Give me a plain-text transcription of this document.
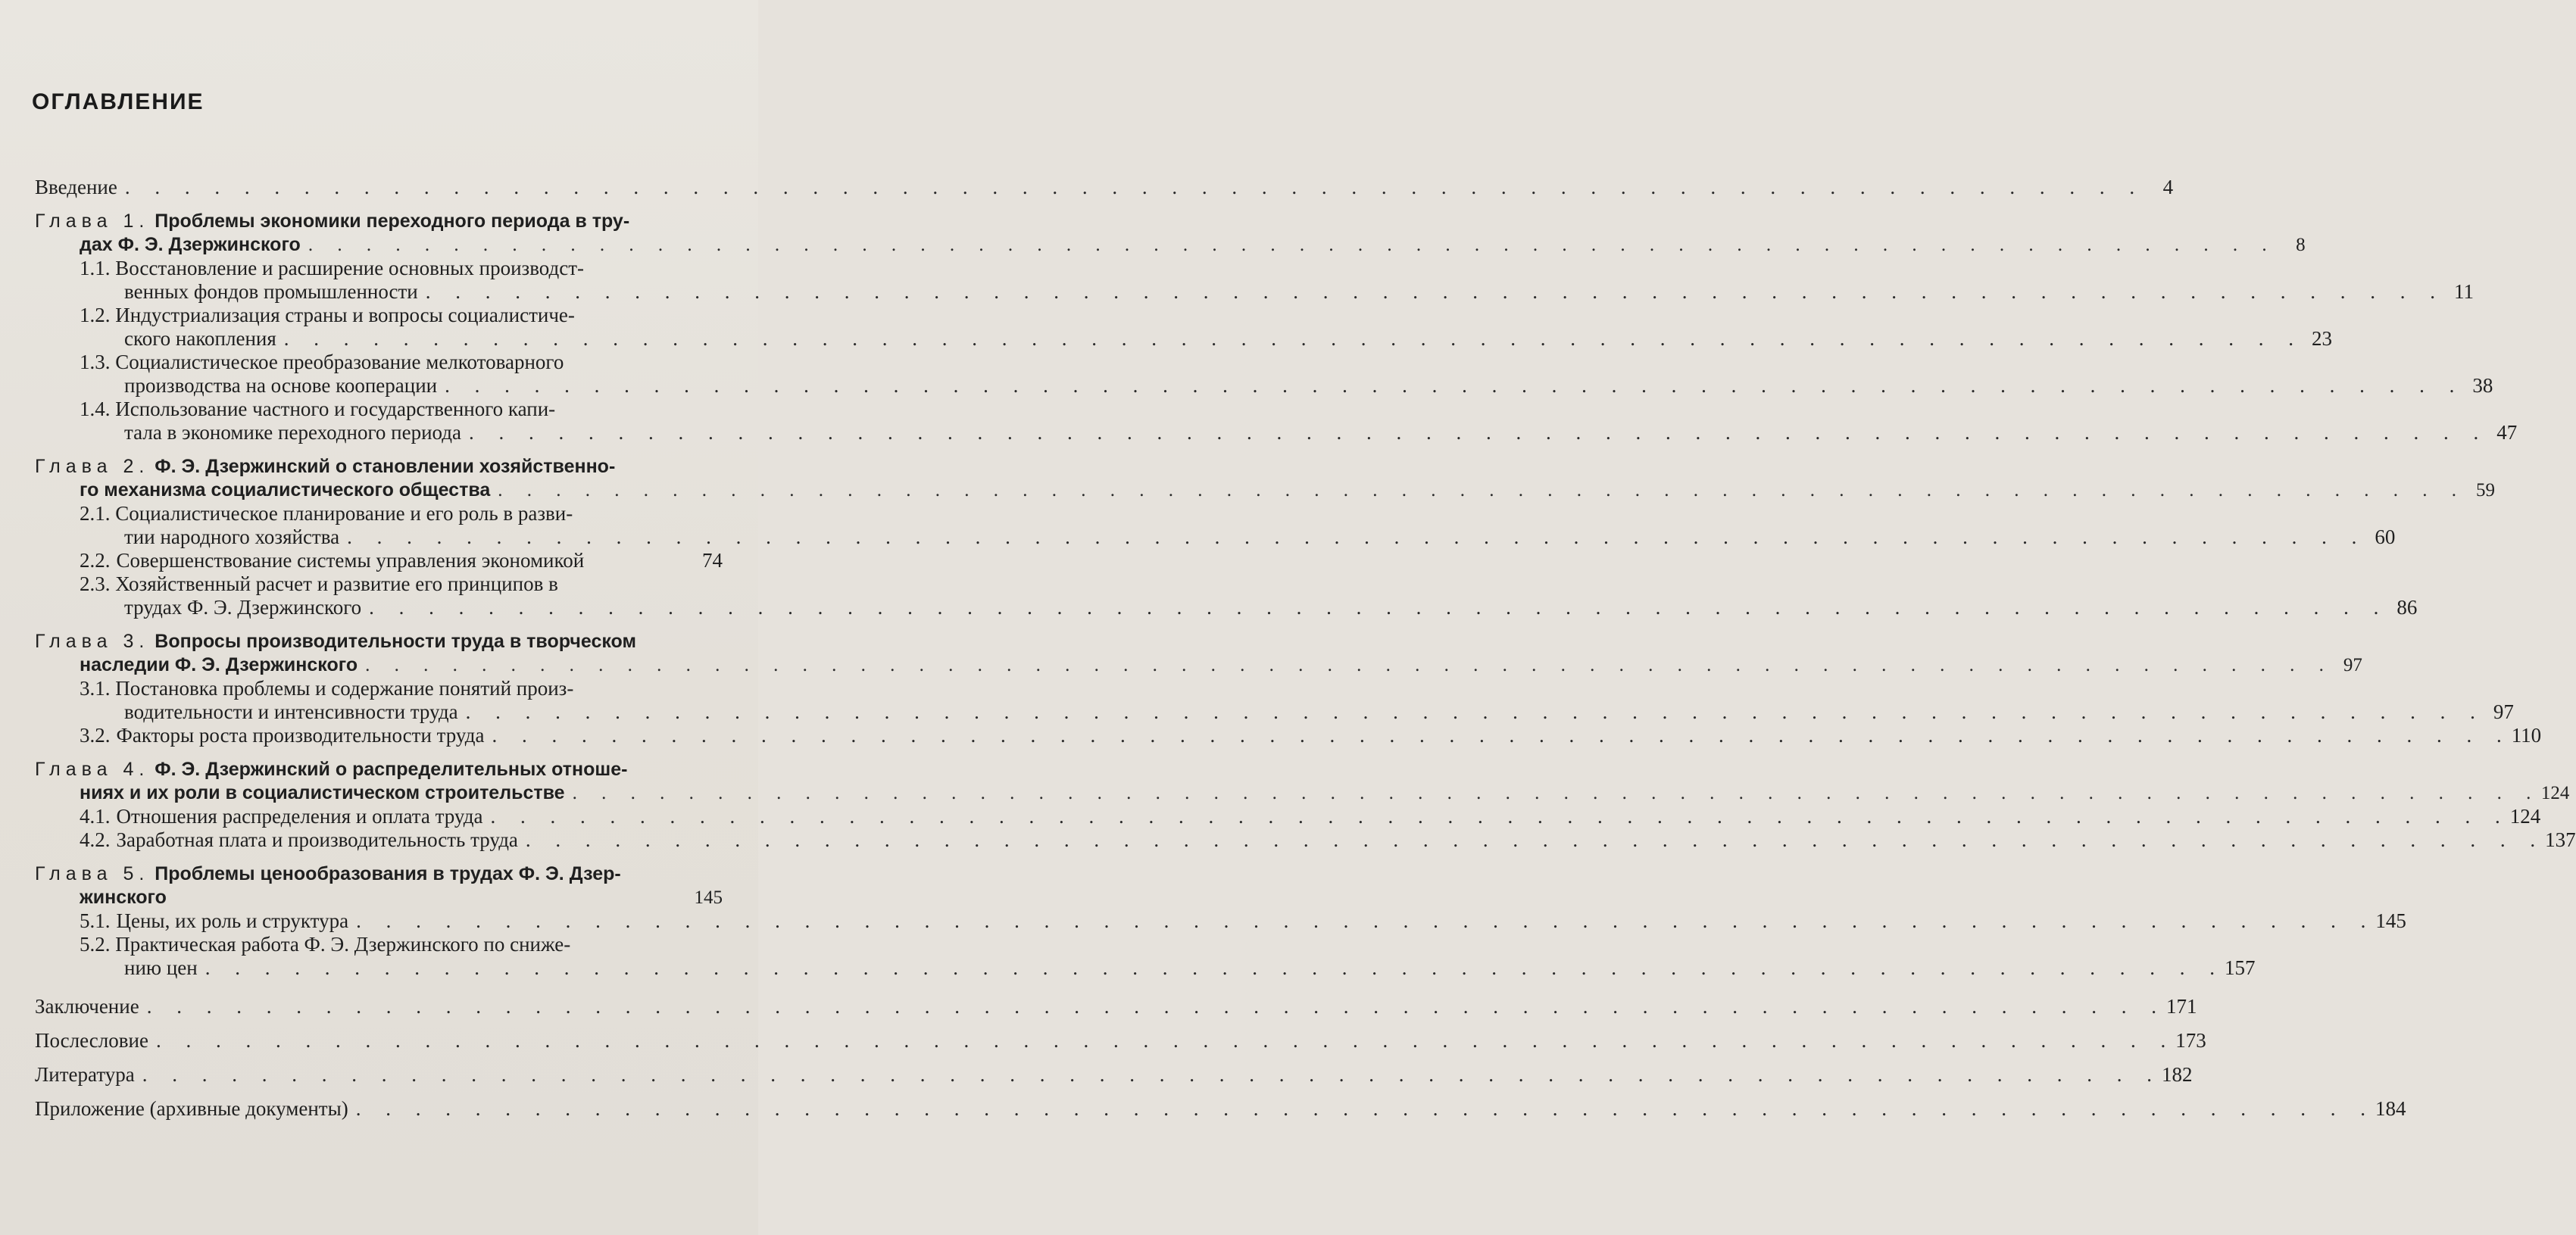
ОГЛАВЛЕНИЕ
Введение . . . . . . . . . . . . . . . . . . . . . . . . . . . . . . . . . . . . . . . . . . . . . . . . . . . . . . . . . . . . . . . . . . . . 4
Глава 1. Проблемы экономики переходного периода в тру-
дах Ф. Э. Дзержинского . . . . . . . . . . . . . . . . . . . . . . . . . . . . . . . . . . . . . . . . . . . . . . . . . . . . . . . . . . . . . . . . . . . .	8
1.1. Восстановление и расширение основных производст-
венных фондов промышленности . . . . . . . . . . . . . . . . . . . . . . . . . . . . . . . . . . . . . . . . . . . . . . . . . . . . . . . . . . . . . . . . . . . . 11
1.2. Индустриализация страны и вопросы социалистиче-
ского накопления . . . . . . . . . . . . . . . . . . . . . . . . . . . . . . . . . . . . . . . . . . . . . . . . . . . . . . . . . . . . . . . . . . . . 23
1.3. Социалистическое преобразование мелкотоварного
производства на основе кооперации . . . . . . . . . . . . . . . . . . . . . . . . . . . . . . . . . . . . . . . . . . . . . . . . . . . . . . . . . . . . . . . . . . . . 38
1.4. Использование частного и государственного капи-
тала в экономике переходного периода . . . . . . . . . . . . . . . . . . . . . . . . . . . . . . . . . . . . . . . . . . . . . . . . . . . . . . . . . . . . . . . . . . . . 47
Глава 2. Ф. Э. Дзержинский о становлении хозяйственно-
го механизма социалистического общества . . . . . . . . . . . . . . . . . . . . . . . . . . . . . . . . . . . . . . . . . . . . . . . . . . . . . . . . . . . . . . . . . . . . 59
2.1. Социалистическое планирование и его роль в разви-
тии народного хозяйства . . . . . . . . . . . . . . . . . . . . . . . . . . . . . . . . . . . . . . . . . . . . . . . . . . . . . . . . . . . . . . . . . . . . 60
2.2. Совершенствование системы управления экономикой	74
2.3. Хозяйственный расчет и развитие его принципов в
трудах Ф. Э. Дзержинского . . . . . . . . . . . . . . . . . . . . . . . . . . . . . . . . . . . . . . . . . . . . . . . . . . . . . . . . . . . . . . . . . . . . 86
Глава 3. Вопросы производительности труда в творческом
наследии Ф. Э. Дзержинского . . . . . . . . . . . . . . . . . . . . . . . . . . . . . . . . . . . . . . . . . . . . . . . . . . . . . . . . . . . . . . . . . . . . 97
3.1. Постановка проблемы и содержание понятий произ-
водительности и интенсивности труда . . . . . . . . . . . . . . . . . . . . . . . . . . . . . . . . . . . . . . . . . . . . . . . . . . . . . . . . . . . . . . . . . . . . 97
3.2. Факторы роста производительности труда . . . . . . . . . . . . . . . . . . . . . . . . . . . . . . . . . . . . . . . . . . . . . . . . . . . . . . . . . . . . . . . . . . . . 110
Глава 4. Ф. Э. Дзержинский о распределительных отноше-
ниях и их роли в социалистическом строительстве . . . . . . . . . . . . . . . . . . . . . . . . . . . . . . . . . . . . . . . . . . . . . . . . . . . . . . . . . . . . . . . . . . . . 124
4.1. Отношения распределения и оплата труда . . . . . . . . . . . . . . . . . . . . . . . . . . . . . . . . . . . . . . . . . . . . . . . . . . . . . . . . . . . . . . . . . . . . 124
4.2. Заработная плата и производительность труда . . . . . . . . . . . . . . . . . . . . . . . . . . . . . . . . . . . . . . . . . . . . . . . . . . . . . . . . . . . . . . . . . . . . 137
Глава 5. Проблемы ценообразования в трудах Ф. Э. Дзер-
жинского	145
5.1. Цены, их роль и структура . . . . . . . . . . . . . . . . . . . . . . . . . . . . . . . . . . . . . . . . . . . . . . . . . . . . . . . . . . . . . . . . . . . . 145
5.2. Практическая работа Ф. Э. Дзержинского по сниже-
нию цен . . . . . . . . . . . . . . . . . . . . . . . . . . . . . . . . . . . . . . . . . . . . . . . . . . . . . . . . . . . . . . . . . . . . 157
Заключение . . . . . . . . . . . . . . . . . . . . . . . . . . . . . . . . . . . . . . . . . . . . . . . . . . . . . . . . . . . . . . . . . . . . 171
Послесловие . . . . . . . . . . . . . . . . . . . . . . . . . . . . . . . . . . . . . . . . . . . . . . . . . . . . . . . . . . . . . . . . . . . . 173
Литература . . . . . . . . . . . . . . . . . . . . . . . . . . . . . . . . . . . . . . . . . . . . . . . . . . . . . . . . . . . . . . . . . . . . 182
Приложение (архивные документы) . . . . . . . . . . . . . . . . . . . . . . . . . . . . . . . . . . . . . . . . . . . . . . . . . . . . . . . . . . . . . . . . . . . . 184
